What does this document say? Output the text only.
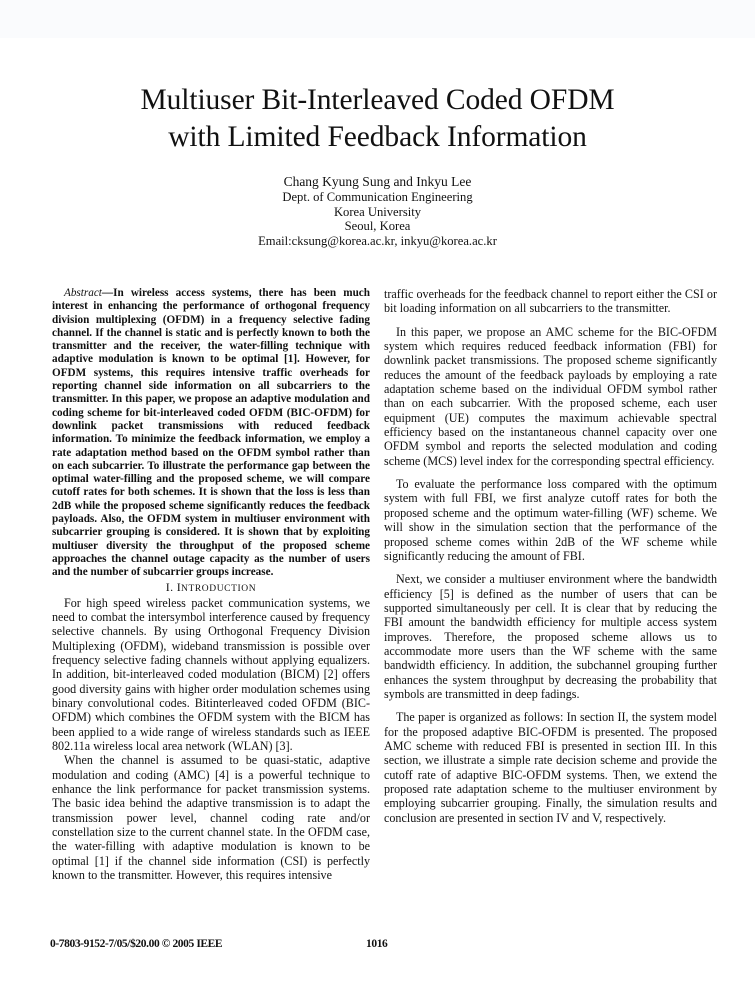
Multiuser Bit-Interleaved Coded OFDM
with Limited Feedback Information
Chang Kyung Sung and Inkyu Lee
Dept. of Communication Engineering
Korea University
Seoul, Korea
Email:cksung@korea.ac.kr, inkyu@korea.ac.kr

Abstract—In wireless access systems, there has been much interest in enhancing the performance of orthogonal frequency division multiplexing (OFDM) in a frequency selective fading channel. If the channel is static and is perfectly known to both the transmitter and the receiver, the water-filling technique with adaptive modulation is known to be optimal [1]. However, for OFDM systems, this requires intensive traffic overheads for reporting channel side information on all subcarriers to the transmitter. In this paper, we propose an adaptive modulation and coding scheme for bit-interleaved coded OFDM (BIC-OFDM) for downlink packet transmissions with reduced feedback information. To minimize the feedback information, we employ a rate adaptation method based on the OFDM symbol rather than on each subcarrier. To illustrate the performance gap between the optimal water-filling and the proposed scheme, we will compare cutoff rates for both schemes. It is shown that the loss is less than 2dB while the proposed scheme significantly reduces the feedback payloads. Also, the OFDM system in multiuser environment with subcarrier grouping is considered. It is shown that by exploiting multiuser diversity the throughput of the proposed scheme approaches the channel outage capacity as the number of users and the number of subcarrier groups increase.

I. INTRODUCTION

For high speed wireless packet communication systems, we need to combat the intersymbol interference caused by frequency selective channels. By using Orthogonal Frequency Division Multiplexing (OFDM), wideband transmission is possible over frequency selective fading channels without applying equalizers. In addition, bit-interleaved coded modulation (BICM) [2] offers good diversity gains with higher order modulation schemes using binary convolutional codes. Bitinterleaved coded OFDM (BIC-OFDM) which combines the OFDM system with the BICM has been applied to a wide range of wireless standards such as IEEE 802.11a wireless local area network (WLAN) [3].

When the channel is assumed to be quasi-static, adaptive modulation and coding (AMC) [4] is a powerful technique to enhance the link performance for packet transmission systems. The basic idea behind the adaptive transmission is to adapt the transmission power level, channel coding rate and/or constellation size to the current channel state. In the OFDM case, the water-filling with adaptive modulation is known to be optimal [1] if the channel side information (CSI) is perfectly known to the transmitter. However, this requires intensive

traffic overheads for the feedback channel to report either the CSI or bit loading information on all subcarriers to the transmitter.

In this paper, we propose an AMC scheme for the BIC-OFDM system which requires reduced feedback information (FBI) for downlink packet transmissions. The proposed scheme significantly reduces the amount of the feedback payloads by employing a rate adaptation scheme based on the individual OFDM symbol rather than on each subcarrier. With the proposed scheme, each user equipment (UE) computes the maximum achievable spectral efficiency based on the instantaneous channel capacity over one OFDM symbol and reports the selected modulation and coding scheme (MCS) level index for the corresponding spectral efficiency.

To evaluate the performance loss compared with the optimum system with full FBI, we first analyze cutoff rates for both the proposed scheme and the optimum water-filling (WF) scheme. We will show in the simulation section that the performance of the proposed scheme comes within 2dB of the WF scheme while significantly reducing the amount of FBI.

Next, we consider a multiuser environment where the bandwidth efficiency [5] is defined as the number of users that can be supported simultaneously per cell. It is clear that by reducing the FBI amount the bandwidth efficiency for multiple access system improves. Therefore, the proposed scheme allows us to accommodate more users than the WF scheme with the same bandwidth efficiency. In addition, the subchannel grouping further enhances the system throughput by decreasing the probability that symbols are transmitted in deep fadings.

The paper is organized as follows: In section II, the system model for the proposed adaptive BIC-OFDM is presented. The proposed AMC scheme with reduced FBI is presented in section III. In this section, we illustrate a simple rate decision scheme and provide the cutoff rate of adaptive BIC-OFDM systems. Then, we extend the proposed rate adaptation scheme to the multiuser environment by employing subcarrier grouping. Finally, the simulation results and conclusion are presented in section IV and V, respectively.

0-7803-9152-7/05/$20.00 © 2005 IEEE	1016
